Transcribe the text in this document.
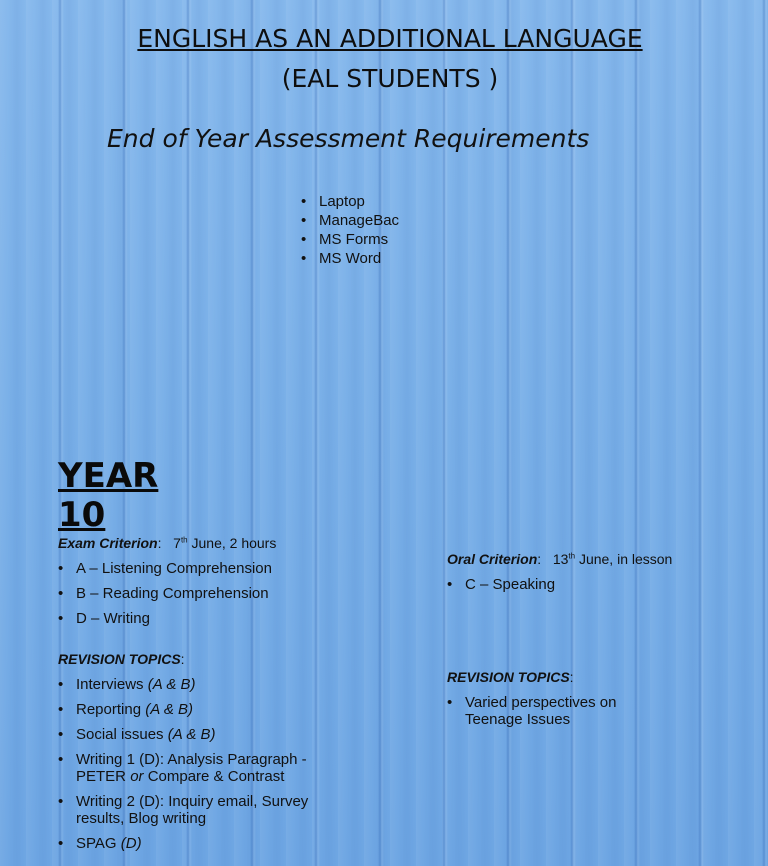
ENGLISH AS AN ADDITIONAL LANGUAGE
(EAL STUDENTS )
End of Year Assessment Requirements
• Laptop
• ManageBac
• MS Forms
• MS Word
YEAR
10
Exam Criterion: 7th June, 2 hours
• A – Listening Comprehension
• B – Reading Comprehension
• D – Writing
REVISION TOPICS:
• Interviews (A & B)
• Reporting (A & B)
• Social issues (A & B)
• Writing 1 (D): Analysis Paragraph - PETER or Compare & Contrast
• Writing 2 (D): Inquiry email, Survey results, Blog writing
• SPAG (D)
Oral Criterion: 13th June, in lesson
• C – Speaking
REVISION TOPICS:
• Varied perspectives on Teenage Issues
